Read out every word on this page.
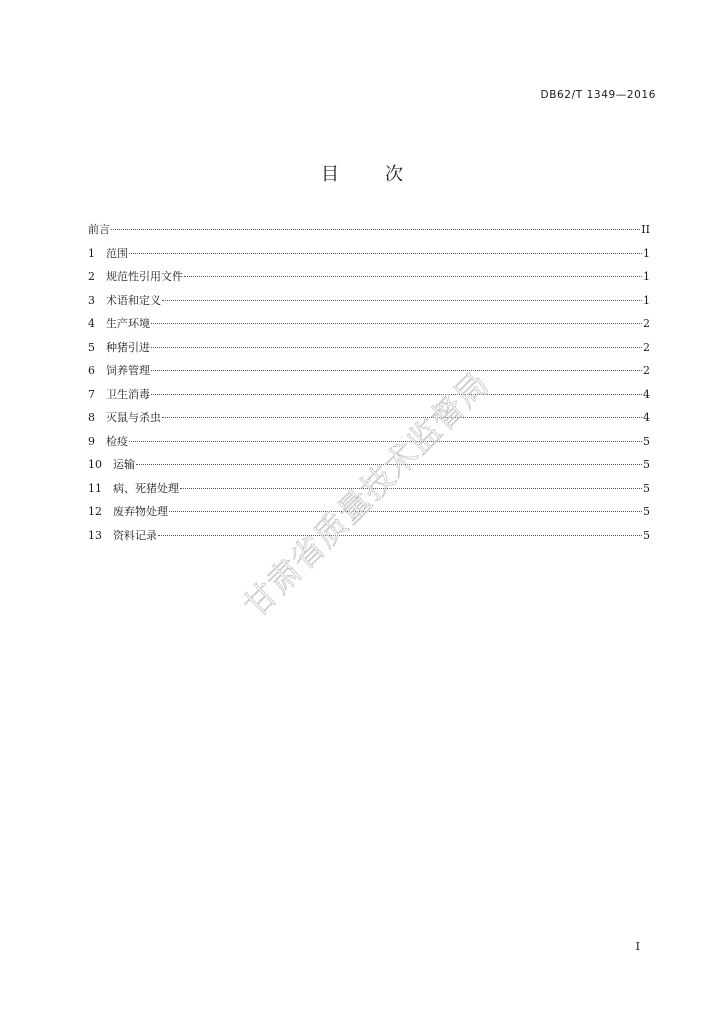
DB62/T 1349—2016
目	次
前言	II
1	范围	1
2	规范性引用文件	1
3	术语和定义	1
4	生产环境	2
5	种猪引进	2
6	饲养管理	2
7	卫生消毒	4
8	灭鼠与杀虫	4
9	检疫	5
10	运输	5
11	病、死猪处理	5
12	废弃物处理	5
13	资料记录	5
甘肃省质量技术监督局
I
